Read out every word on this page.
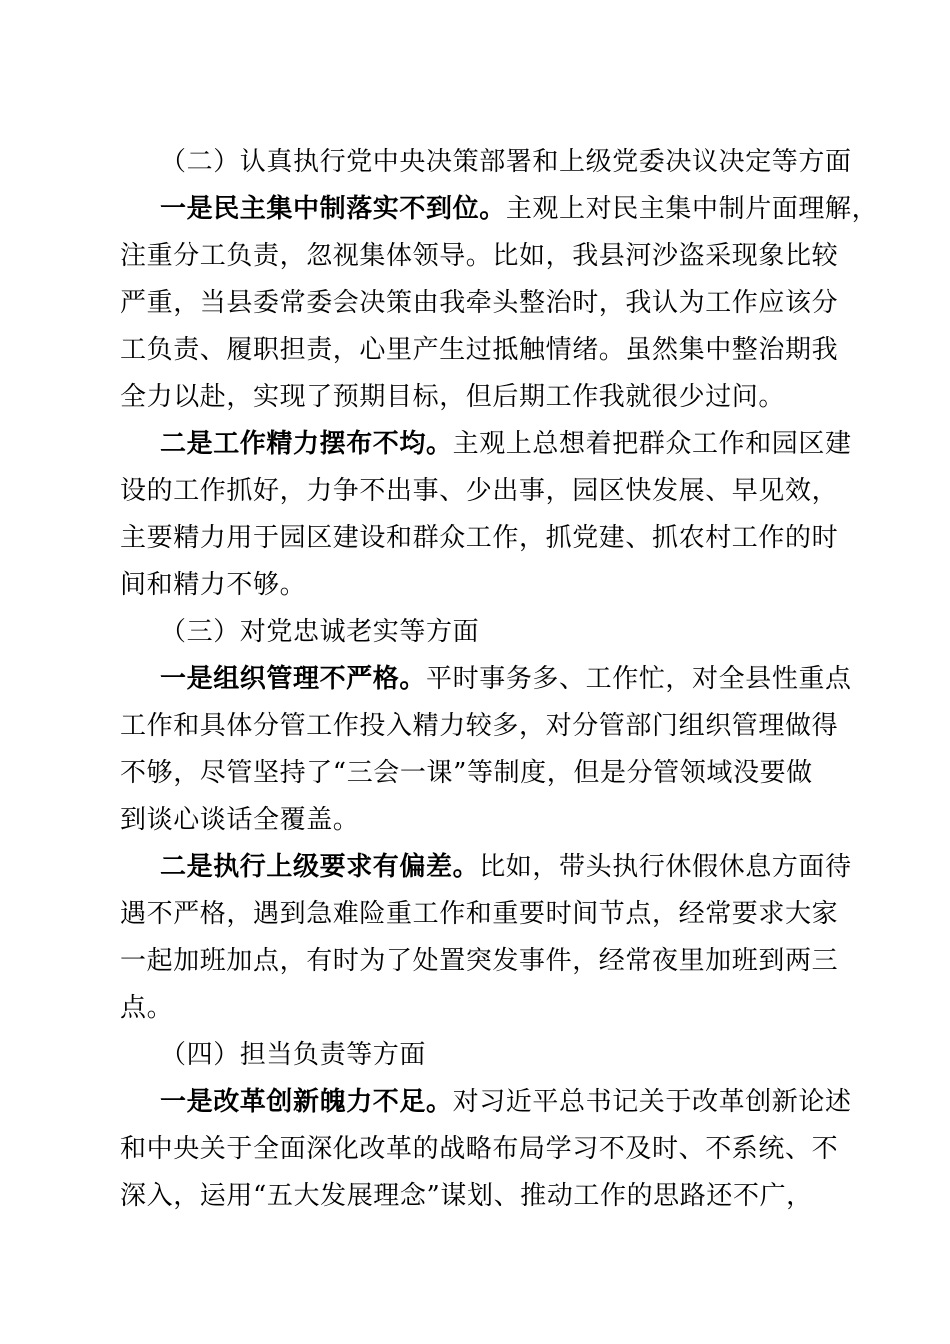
（二）认真执行党中央决策部署和上级党委决议决定等方面
一是民主集中制落实不到位。主观上对民主集中制片面理解，
注重分工负责，忽视集体领导。比如，我县河沙盗采现象比较
严重，当县委常委会决策由我牵头整治时，我认为工作应该分
工负责、履职担责，心里产生过抵触情绪。虽然集中整治期我
全力以赴，实现了预期目标，但后期工作我就很少过问。
二是工作精力摆布不均。主观上总想着把群众工作和园区建
设的工作抓好，力争不出事、少出事，园区快发展、早见效，
主要精力用于园区建设和群众工作，抓党建、抓农村工作的时
间和精力不够。
（三）对党忠诚老实等方面
一是组织管理不严格。平时事务多、工作忙，对全县性重点
工作和具体分管工作投入精力较多，对分管部门组织管理做得
不够，尽管坚持了“三会一课”等制度，但是分管领域没要做
到谈心谈话全覆盖。
二是执行上级要求有偏差。比如，带头执行休假休息方面待
遇不严格，遇到急难险重工作和重要时间节点，经常要求大家
一起加班加点，有时为了处置突发事件，经常夜里加班到两三
点。
（四）担当负责等方面
一是改革创新魄力不足。对习近平总书记关于改革创新论述
和中央关于全面深化改革的战略布局学习不及时、不系统、不
深入，运用“五大发展理念”谋划、推动工作的思路还不广，
